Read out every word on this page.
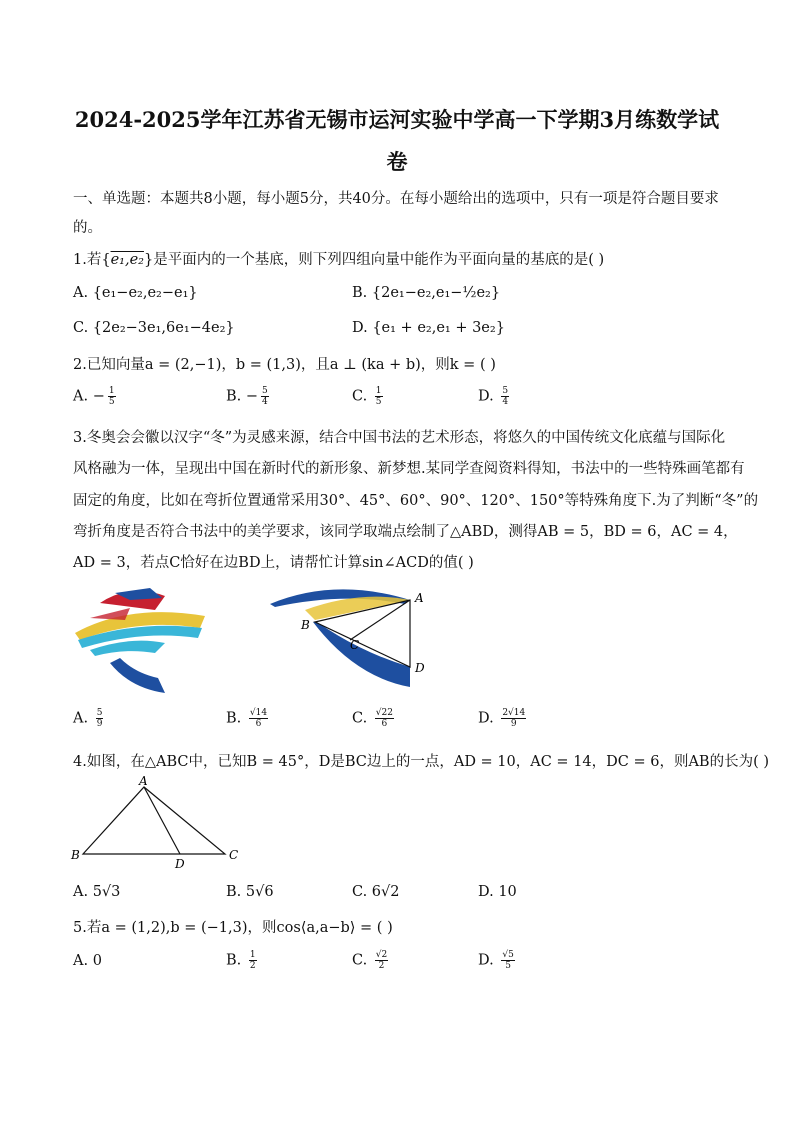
2024-2025学年江苏省无锡市运河实验中学高一下学期3月练数学试
卷
一、单选题：本题共8小题，每小题5分，共40分。在每小题给出的选项中，只有一项是符合题目要求
的。
1.若{e₁,e₂}是平面内的一个基底，则下列四组向量中能作为平面向量的基底的是( )
A. {e₁−e₂,e₂−e₁}	B. {2e₁−e₂,e₁−½e₂}
C. {2e₂−3e₁,6e₁−4e₂}	D. {e₁ + e₂,e₁ + 3e₂}
2.已知向量a = (2,−1)，b = (1,3)，且a ⊥ (ka + b)，则k = ( )
A. − $\frac{1}{5}$	B. − $\frac{5}{4}$	C. $\frac{1}{5}$	D. $\frac{5}{4}$
3.冬奥会会徽以汉字“冬”为灵感来源，结合中国书法的艺术形态，将悠久的中国传统文化底蕴与国际化
风格融为一体，呈现出中国在新时代的新形象、新梦想.某同学查阅资料得知，书法中的一些特殊画笔都有
固定的角度，比如在弯折位置通常采用30°、45°、60°、90°、120°、150°等特殊角度下.为了判断“冬”的
弯折角度是否符合书法中的美学要求，该同学取端点绘制了△ABD，测得AB = 5，BD = 6，AC = 4，
AD = 3，若点C恰好在边BD上，请帮忙计算sin∠ACD的值( )
A
B
C
D
A. $\frac{5}{9}$	B. $\frac{√14}{6}$	C. $\frac{√22}{6}$	D. $\frac{2√14}{9}$
4.如图，在△ABC中，已知B = 45°，D是BC边上的一点，AD = 10，AC = 14，DC = 6，则AB的长为( )
A
B	C
D
A. 5√3	B. 5√6	C. 6√2	D. 10
5.若a = (1,2),b = (−1,3)，则cos⟨a,a−b⟩ = ( )
A. 0	B. $\frac{1}{2}$	C. $\frac{√2}{2}$	D. $\frac{√5}{5}$
